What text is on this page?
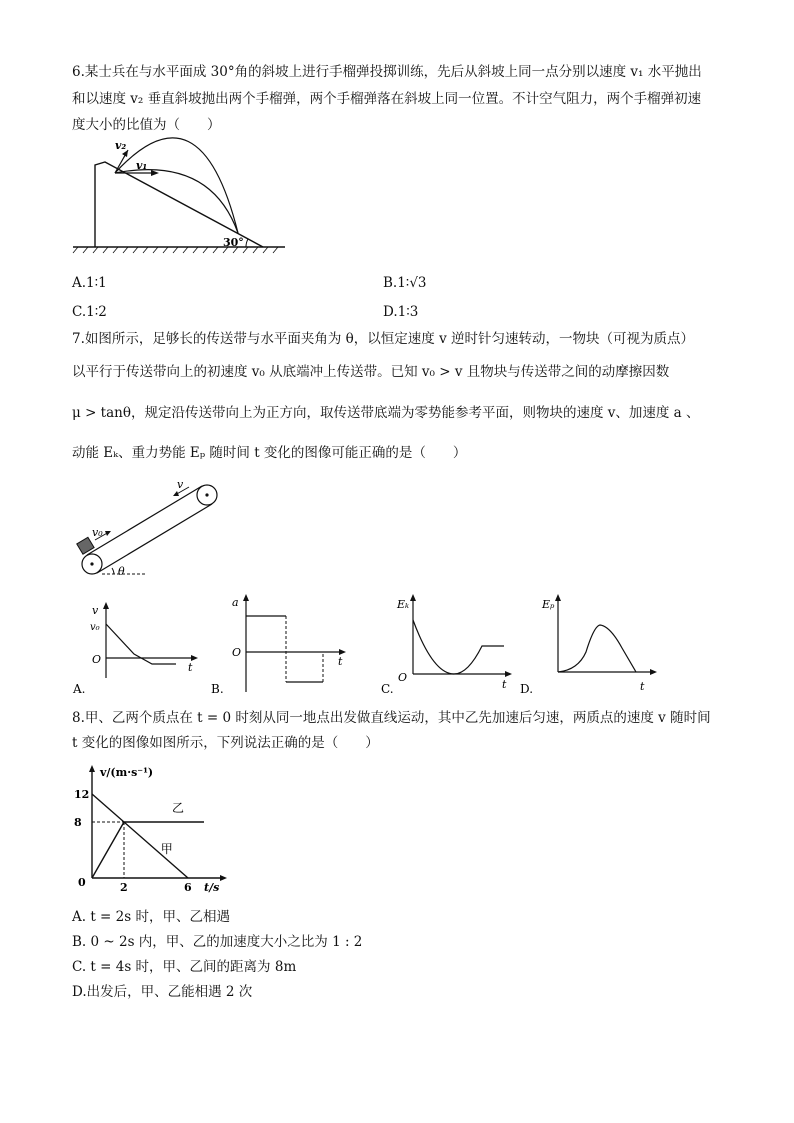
6.某士兵在与水平面成 30°角的斜坡上进行手榴弹投掷训练，先后从斜坡上同一点分别以速度 v₁ 水平抛出
和以速度 v₂ 垂直斜坡抛出两个手榴弹，两个手榴弹落在斜坡上同一位置。不计空气阻力，两个手榴弹初速
度大小的比值为（　　）
v₂
v₁
30°
A.1∶1	B.1∶√3
C.1∶2	D.1∶3
7.如图所示，足够长的传送带与水平面夹角为 θ，以恒定速度 v 逆时针匀速转动，一物块（可视为质点）
以平行于传送带向上的初速度 v₀ 从底端冲上传送带。已知 v₀ > v 且物块与传送带之间的动摩擦因数
μ > tanθ，规定沿传送带向上为正方向，取传送带底端为零势能参考平面，则物块的速度 v、加速度 a 、
动能 Eₖ、重力势能 Eₚ 随时间 t 变化的图像可能正确的是（　　）
v₀
v
θ
v
v₀
O
t
A.
a
O
t
B.
Eₖ
O
t
C.
Eₚ
t
D.
8.甲、乙两个质点在 t = 0 时刻从同一地点出发做直线运动，其中乙先加速后匀速，两质点的速度 v 随时间
t 变化的图像如图所示，下列说法正确的是（　　）
v/(m·s⁻¹)
t/s
0
甲
乙
8
12
2	6
A. t = 2s 时，甲、乙相遇
B. 0 ~ 2s 内，甲、乙的加速度大小之比为 1 : 2
C. t = 4s 时，甲、乙间的距离为 8m
D.出发后，甲、乙能相遇 2 次
